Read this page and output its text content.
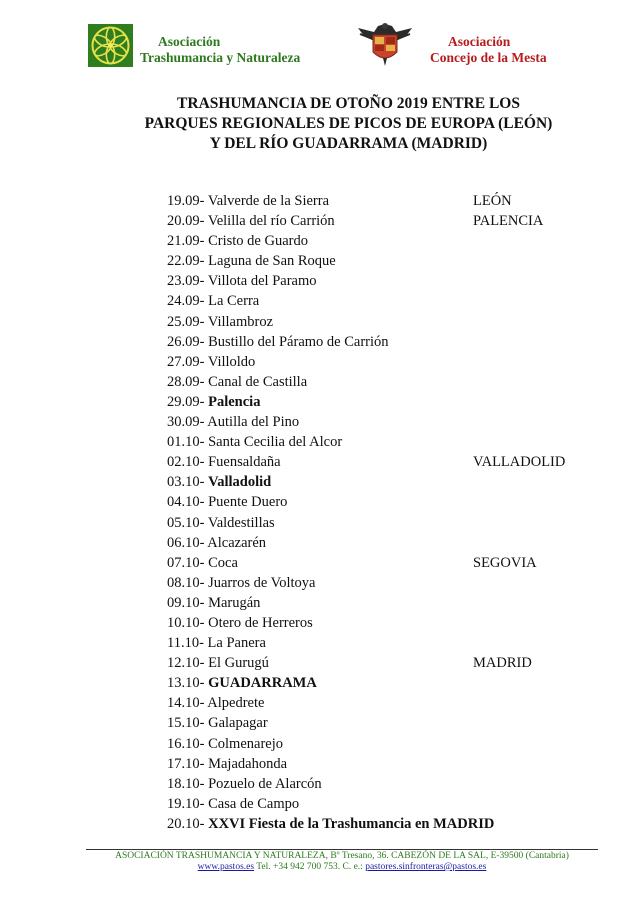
Asociación
Trashumancia y Naturaleza
Asociación
Concejo de la Mesta
TRASHUMANCIA DE OTOÑO 2019 ENTRE LOS
PARQUES REGIONALES DE PICOS DE EUROPA (LEÓN)
Y DEL RÍO GUADARRAMA (MADRID)
19.09- Valverde de la Sierra	LEÓN
20.09- Velilla del río Carrión	PALENCIA
21.09- Cristo de Guardo
22.09- Laguna de San Roque
23.09- Villota del Paramo
24.09- La Cerra
25.09- Villambroz
26.09- Bustillo del Páramo de Carrión
27.09- Villoldo
28.09- Canal de Castilla
29.09- Palencia
30.09- Autilla del Pino
01.10- Santa Cecilia del Alcor
02.10- Fuensaldaña	VALLADOLID
03.10- Valladolid
04.10- Puente Duero
05.10- Valdestillas
06.10- Alcazarén
07.10- Coca	SEGOVIA
08.10- Juarros de Voltoya
09.10- Marugán
10.10- Otero de Herreros
11.10- La Panera
12.10- El Gurugú	MADRID
13.10- GUADARRAMA
14.10- Alpedrete
15.10- Galapagar
16.10- Colmenarejo
17.10- Majadahonda
18.10- Pozuelo de Alarcón
19.10- Casa de Campo
20.10- XXVI Fiesta de la Trashumancia en MADRID
ASOCIACIÓN TRASHUMANCIA Y NATURALEZA, Bº Tresano, 36. CABEZÓN DE LA SAL, E-39500 (Cantabria)
www.pastos.es Tel. +34 942 700 753. C. e.: pastores.sinfronteras@pastos.es
